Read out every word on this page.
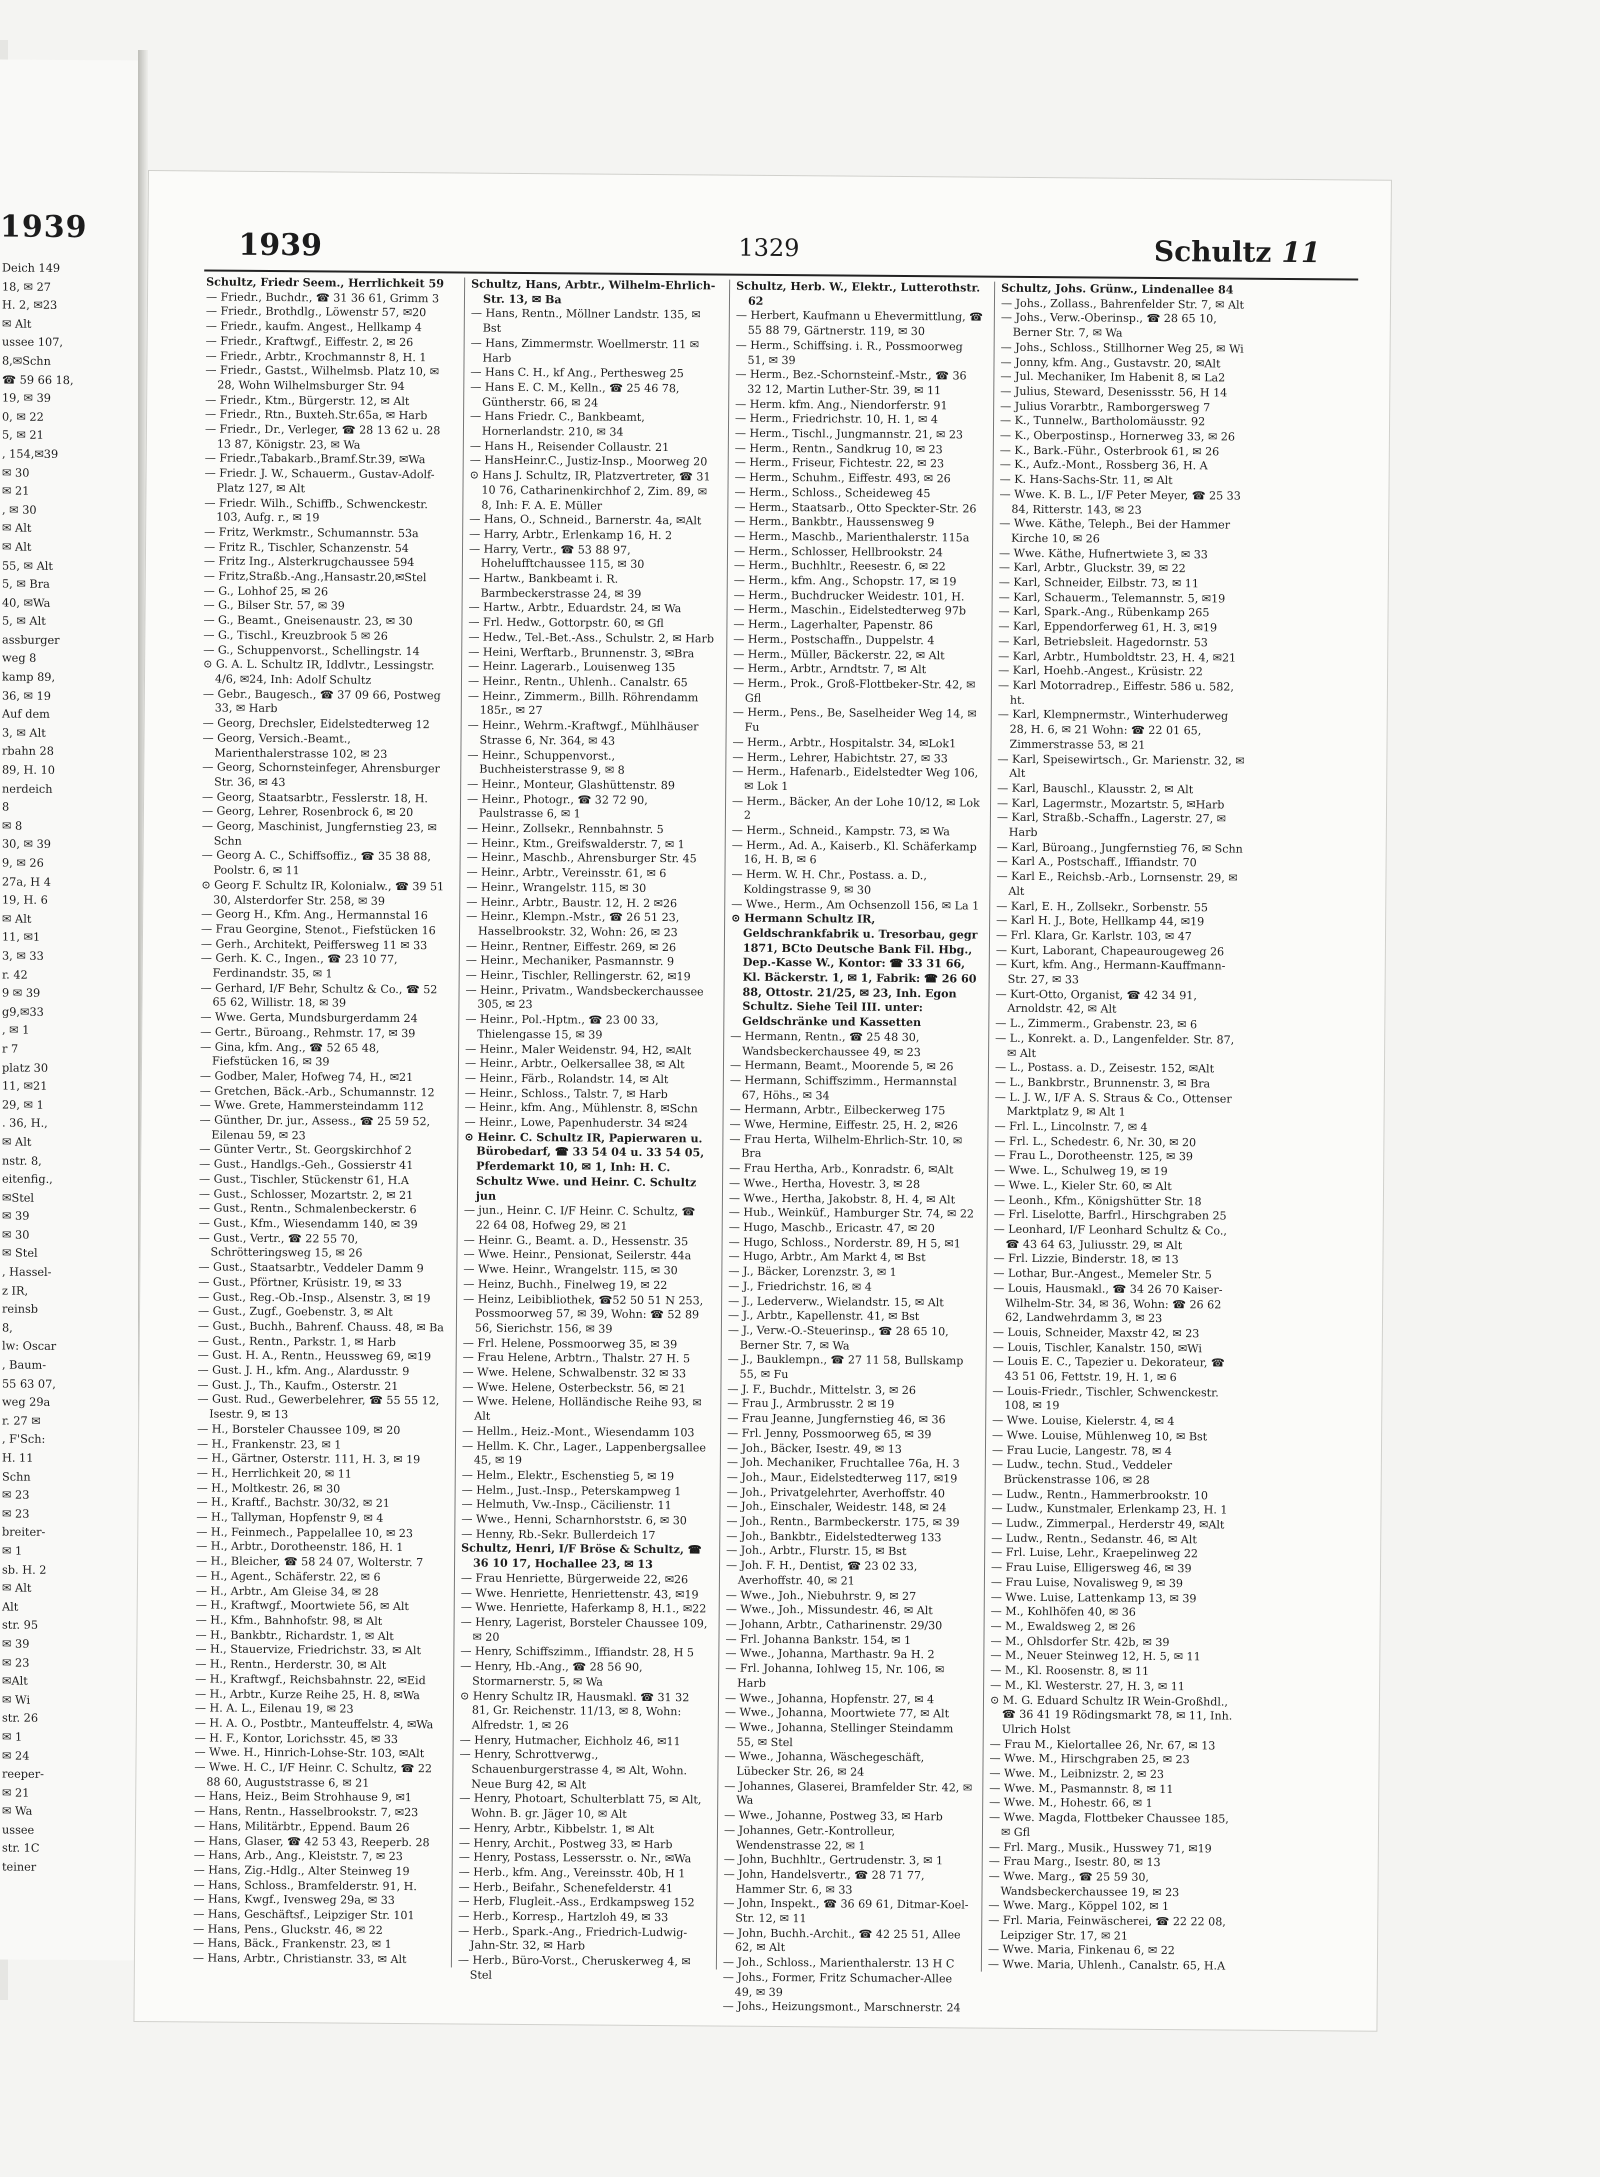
1939
Deich 149
18, ✉ 27
H. 2, ✉23
✉ Alt
ussee 107,
8,✉Schn
☎ 59 66 18,
19, ✉ 39
0, ✉ 22
5, ✉ 21
, 154,✉39
✉ 30
✉ 21
, ✉ 30
✉ Alt
✉ Alt
55, ✉ Alt
5, ✉ Bra
40, ✉Wa
5, ✉ Alt
assburger
weg 8
kamp 89,
36, ✉ 19
Auf dem
3, ✉ Alt
rbahn 28
89, H. 10
nerdeich
8
✉ 8
30, ✉ 39
9, ✉ 26
27a, H 4
19, H. 6
✉ Alt
11, ✉1
3, ✉ 33
r. 42
9 ✉ 39
g9,✉33
, ✉ 1
r 7
platz 30
11, ✉21
29, ✉ 1
. 36, H.,
✉ Alt
nstr. 8,
eitenfig.,
✉Stel
✉ 39
✉ 30
✉ Stel
, Hassel-
z IR,
reinsb
8,
lw: Oscar
, Baum-
55 63 07,
weg 29a
r. 27 ✉
, F'Sch:
H. 11
Schn
✉ 23
✉ 23
breiter-
✉ 1
sb. H. 2
✉ Alt
Alt
str. 95
✉ 39
✉ 23
✉Alt
✉ Wi
str. 26
✉ 1
✉ 24
reeper-
✉ 21
✉ Wa
ussee
str. 1C
teiner
1939	1329	Schultz 11

Schultz, Friedr Seem., Herrlichkeit 59

— Friedr., Buchdr., ☎ 31 36 61, Grimm 3

— Friedr., Brothdlg., Löwenstr 57, ✉20

— Friedr., kaufm. Angest., Hellkamp 4

— Friedr., Kraftwgf., Eiffestr. 2, ✉ 26

— Friedr., Arbtr., Krochmannstr 8, H. 1

— Friedr., Gastst., Wilhelmsb. Platz 10, ✉ 28, Wohn Wilhelmsburger Str. 94

— Friedr., Ktm., Bürgerstr. 12, ✉ Alt

— Friedr., Rtn., Buxteh.Str.65a, ✉ Harb

— Friedr., Dr., Verleger, ☎ 28 13 62 u. 28 13 87, Königstr. 23, ✉ Wa

— Friedr.,Tabakarb.,Bramf.Str.39, ✉Wa

— Friedr. J. W., Schauerm., Gustav-Adolf-Platz 127, ✉ Alt

— Friedr. Wilh., Schiffb., Schwenckestr. 103, Aufg. r., ✉ 19

— Fritz, Werkmstr., Schumannstr. 53a

— Fritz R., Tischler, Schanzenstr. 54

— Fritz Ing., Alsterkrugchaussee 594

— Fritz,Straßb.-Ang.,Hansastr.20,✉Stel

— G., Lohhof 25, ✉ 26

— G., Bilser Str. 57, ✉ 39

— G., Beamt., Gneisenaustr. 23, ✉ 30

— G., Tischl., Kreuzbrook 5 ✉ 26

— G., Schuppenvorst., Schellingstr. 14

⊙ G. A. L. Schultz IR, Iddlvtr., Lessingstr. 4/6, ✉24, Inh: Adolf Schultz

— Gebr., Baugesch., ☎ 37 09 66, Postweg 33, ✉ Harb

— Georg, Drechsler, Eidelstedterweg 12

— Georg, Versich.-Beamt., Marienthalerstrasse 102, ✉ 23

— Georg, Schornsteinfeger, Ahrensburger Str. 36, ✉ 43

— Georg, Staatsarbtr., Fesslerstr. 18, H.

— Georg, Lehrer, Rosenbrock 6, ✉ 20

— Georg, Maschinist, Jungfernstieg 23, ✉ Schn

— Georg A. C., Schiffsoffiz., ☎ 35 38 88, Poolstr. 6, ✉ 11

⊙ Georg F. Schultz IR, Kolonialw., ☎ 39 51 30, Alsterdorfer Str. 258, ✉ 39

— Georg H., Kfm. Ang., Hermannstal 16

— Frau Georgine, Stenot., Fiefstücken 16

— Gerh., Architekt, Peiffersweg 11 ✉ 33

— Gerh. K. C., Ingen., ☎ 23 10 77, Ferdinandstr. 35, ✉ 1

— Gerhard, I/F Behr, Schultz & Co., ☎ 52 65 62, Willistr. 18, ✉ 39

— Wwe. Gerta, Mundsburgerdamm 24

— Gertr., Büroang., Rehmstr. 17, ✉ 39

— Gina, kfm. Ang., ☎ 52 65 48, Fiefstücken 16, ✉ 39

— Godber, Maler, Hofweg 74, H., ✉21

— Gretchen, Bäck.-Arb., Schumannstr. 12

— Wwe. Grete, Hammersteindamm 112

— Günther, Dr. jur., Assess., ☎ 25 59 52, Eilenau 59, ✉ 23

— Günter Vertr., St. Georgskirchhof 2

— Gust., Handlgs.-Geh., Gossierstr 41

— Gust., Tischler, Stückenstr 61, H.A

— Gust., Schlosser, Mozartstr. 2, ✉ 21

— Gust., Rentn., Schmalenbeckerstr. 6

— Gust., Kfm., Wiesendamm 140, ✉ 39

— Gust., Vertr., ☎ 22 55 70, Schrötteringsweg 15, ✉ 26

— Gust., Staatsarbtr., Veddeler Damm 9

— Gust., Pförtner, Krüsistr. 19, ✉ 33

— Gust., Reg.-Ob.-Insp., Alsenstr. 3, ✉ 19

— Gust., Zugf., Goebenstr. 3, ✉ Alt

— Gust., Buchh., Bahrenf. Chauss. 48, ✉ Ba

— Gust., Rentn., Parkstr. 1, ✉ Harb

— Gust. H. A., Rentn., Heussweg 69, ✉19

— Gust. J. H., kfm. Ang., Alardusstr. 9

— Gust. J., Th., Kaufm., Osterstr. 21

— Gust. Rud., Gewerbelehrer, ☎ 55 55 12, Isestr. 9, ✉ 13

— H., Borsteler Chaussee 109, ✉ 20

— H., Frankenstr. 23, ✉ 1

— H., Gärtner, Osterstr. 111, H. 3, ✉ 19

— H., Herrlichkeit 20, ✉ 11

— H., Moltkestr. 26, ✉ 30

— H., Kraftf., Bachstr. 30/32, ✉ 21

— H., Tallyman, Hopfenstr 9, ✉ 4

— H., Feinmech., Pappelallee 10, ✉ 23

— H., Arbtr., Dorotheenstr. 186, H. 1

— H., Bleicher, ☎ 58 24 07, Wolterstr. 7

— H., Agent., Schäferstr. 22, ✉ 6

— H., Arbtr., Am Gleise 34, ✉ 28

— H., Kraftwgf., Moortwiete 56, ✉ Alt

— H., Kfm., Bahnhofstr. 98, ✉ Alt

— H., Bankbtr., Richardstr. 1, ✉ Alt

— H., Stauervize, Friedrichstr. 33, ✉ Alt

— H., Rentn., Herderstr. 30, ✉ Alt

— H., Kraftwgf., Reichsbahnstr. 22, ✉Eid

— H., Arbtr., Kurze Reihe 25, H. 8, ✉Wa

— H. A. L., Eilenau 19, ✉ 23

— H. A. O., Postbtr., Manteuffelstr. 4, ✉Wa

— H. F., Kontor, Lorichsstr. 45, ✉ 33

— Wwe. H., Hinrich-Lohse-Str. 103, ✉Alt

— Wwe. H. C., I/F Heinr. C. Schultz, ☎ 22 88 60, Auguststrasse 6, ✉ 21

— Hans, Heiz., Beim Strohhause 9, ✉1

— Hans, Rentn., Hasselbrookstr. 7, ✉23

— Hans, Militärbtr., Eppend. Baum 26

— Hans, Glaser, ☎ 42 53 43, Reeperb. 28

— Hans, Arb., Ang., Kleiststr. 7, ✉ 23

— Hans, Zig.-Hdlg., Alter Steinweg 19

— Hans, Schloss., Bramfelderstr. 91, H.

— Hans, Kwgf., Ivensweg 29a, ✉ 33

— Hans, Geschäftsf., Leipziger Str. 101

— Hans, Pens., Gluckstr. 46, ✉ 22

— Hans, Bäck., Frankenstr. 23, ✉ 1

— Hans, Arbtr., Christianstr. 33, ✉ Alt

Schultz, Hans, Arbtr., Wilhelm-Ehrlich-Str. 13, ✉ Ba

— Hans, Rentn., Möllner Landstr. 135, ✉ Bst

— Hans, Zimmermstr. Woellmerstr. 11 ✉ Harb

— Hans C. H., kf Ang., Perthesweg 25

— Hans E. C. M., Kelln., ☎ 25 46 78, Güntherstr. 66, ✉ 24

— Hans Friedr. C., Bankbeamt, Hornerlandstr. 210, ✉ 34

— Hans H., Reisender Collaustr. 21

— HansHeinr.C., Justiz-Insp., Moorweg 20

⊙ Hans J. Schultz, IR, Platzvertreter, ☎ 31 10 76, Catharinenkirchhof 2, Zim. 89, ✉ 8, Inh: F. A. E. Müller

— Hans, O., Schneid., Barnerstr. 4a, ✉Alt

— Harry, Arbtr., Erlenkamp 16, H. 2

— Harry, Vertr., ☎ 53 88 97, Hohelufftchaussee 115, ✉ 30

— Hartw., Bankbeamt i. R. Barmbeckerstrasse 24, ✉ 39

— Hartw., Arbtr., Eduardstr. 24, ✉ Wa

— Frl. Hedw., Gottorpstr. 60, ✉ Gfl

— Hedw., Tel.-Bet.-Ass., Schulstr. 2, ✉ Harb

— Heini, Werftarb., Brunnenstr. 3, ✉Bra

— Heinr. Lagerarb., Louisenweg 135

— Heinr., Rentn., Uhlenh.. Canalstr. 65

— Heinr., Zimmerm., Billh. Röhrendamm 185r., ✉ 27

— Heinr., Wehrm.-Kraftwgf., Mühlhäuser Strasse 6, Nr. 364, ✉ 43

— Heinr., Schuppenvorst., Buchheisterstrasse 9, ✉ 8

— Heinr., Monteur, Glashüttenstr. 89

— Heinr., Photogr., ☎ 32 72 90, Paulstrasse 6, ✉ 1

— Heinr., Zollsekr., Rennbahnstr. 5

— Heinr., Ktm., Greifswalderstr. 7, ✉ 1

— Heinr., Maschb., Ahrensburger Str. 45

— Heinr., Arbtr., Vereinsstr. 61, ✉ 6

— Heinr., Wrangelstr. 115, ✉ 30

— Heinr., Arbtr., Baustr. 12, H. 2 ✉26

— Heinr., Klempn.-Mstr., ☎ 26 51 23, Hasselbrookstr. 32, Wohn: 26, ✉ 23

— Heinr., Rentner, Eiffestr. 269, ✉ 26

— Heinr., Mechaniker, Pasmannstr. 9

— Heinr., Tischler, Rellingerstr. 62, ✉19

— Heinr., Privatm., Wandsbeckerchaussee 305, ✉ 23

— Heinr., Pol.-Hptm., ☎ 23 00 33, Thielengasse 15, ✉ 39

— Heinr., Maler Weidenstr. 94, H2, ✉Alt

— Heinr., Arbtr., Oelkersallee 38, ✉ Alt

— Heinr., Färb., Rolandstr. 14, ✉ Alt

— Heinr., Schloss., Talstr. 7, ✉ Harb

— Heinr., kfm. Ang., Mühlenstr. 8, ✉Schn

— Heinr., Lowe, Papenhuderstr. 34 ✉24

⊙ Heinr. C. Schultz IR, Papierwaren u. Bürobedarf, ☎ 33 54 04 u. 33 54 05, Pferdemarkt 10, ✉ 1, Inh: H. C. Schultz Wwe. und Heinr. C. Schultz jun

— jun., Heinr. C. I/F Heinr. C. Schultz, ☎ 22 64 08, Hofweg 29, ✉ 21

— Heinr. G., Beamt. a. D., Hessenstr. 35

— Wwe. Heinr., Pensionat, Seilerstr. 44a

— Wwe. Heinr., Wrangelstr. 115, ✉ 30

— Heinz, Buchh., Finelweg 19, ✉ 22

— Heinz, Leibibliothek, ☎52 50 51 N 253, Possmoorweg 57, ✉ 39, Wohn: ☎ 52 89 56, Sierichstr. 156, ✉ 39

— Frl. Helene, Possmoorweg 35, ✉ 39

— Frau Helene, Arbtrn., Thalstr. 27 H. 5

— Wwe. Helene, Schwalbenstr. 32 ✉ 33

— Wwe. Helene, Osterbeckstr. 56, ✉ 21

— Wwe. Helene, Holländische Reihe 93, ✉ Alt

— Hellm., Heiz.-Mont., Wiesendamm 103

— Hellm. K. Chr., Lager., Lappenbergsallee 45, ✉ 19

— Helm., Elektr., Eschenstieg 5, ✉ 19

— Helm., Just.-Insp., Peterskampweg 1

— Helmuth, Vw.-Insp., Cäcilienstr. 11

— Wwe., Henni, Scharnhorststr. 6, ✉ 30

— Henny, Rb.-Sekr. Bullerdeich 17

Schultz, Henri, I/F Bröse & Schultz, ☎ 36 10 17, Hochallee 23, ✉ 13

— Frau Henriette, Bürgerweide 22, ✉26

— Wwe. Henriette, Henriettenstr. 43, ✉19

— Wwe. Henriette, Haferkamp 8, H.1., ✉22

— Henry, Lagerist, Borsteler Chaussee 109, ✉ 20

— Henry, Schiffszimm., Iffiandstr. 28, H 5

— Henry, Hb.-Ang., ☎ 28 56 90, Stormarnerstr. 5, ✉ Wa

⊙ Henry Schultz IR, Hausmakl. ☎ 31 32 81, Gr. Reichenstr. 11/13, ✉ 8, Wohn: Alfredstr. 1, ✉ 26

— Henry, Hutmacher, Eichholz 46, ✉11

— Henry, Schrottverwg., Schauenburgerstrasse 4, ✉ Alt, Wohn. Neue Burg 42, ✉ Alt

— Henry, Photoart, Schulterblatt 75, ✉ Alt, Wohn. B. gr. Jäger 10, ✉ Alt

— Henry, Arbtr., Kibbelstr. 1, ✉ Alt

— Henry, Archit., Postweg 33, ✉ Harb

— Henry, Postass, Lessersstr. o. Nr., ✉Wa

— Herb., kfm. Ang., Vereinsstr. 40b, H 1

— Herb., Beifahr., Schenefelderstr. 41

— Herb, Flugleit.-Ass., Erdkampsweg 152

— Herb., Korresp., Hartzloh 49, ✉ 33

— Herb., Spark.-Ang., Friedrich-Ludwig-Jahn-Str. 32, ✉ Harb

— Herb., Büro-Vorst., Cheruskerweg 4, ✉ Stel

Schultz, Herb. W., Elektr., Lutterothstr. 62

— Herbert, Kaufmann u Ehevermittlung, ☎ 55 88 79, Gärtnerstr. 119, ✉ 30

— Herm., Schiffsing. i. R., Possmoorweg 51, ✉ 39

— Herm., Bez.-Schornsteinf.-Mstr., ☎ 36 32 12, Martin Luther-Str. 39, ✉ 11

— Herm. kfm. Ang., Niendorferstr. 91

— Herm., Friedrichstr. 10, H. 1, ✉ 4

— Herm., Tischl., Jungmannstr. 21, ✉ 23

— Herm., Rentn., Sandkrug 10, ✉ 23

— Herm., Friseur, Fichtestr. 22, ✉ 23

— Herm., Schuhm., Eiffestr. 493, ✉ 26

— Herm., Schloss., Scheideweg 45

— Herm., Staatsarb., Otto Speckter-Str. 26

— Herm., Bankbtr., Haussensweg 9

— Herm., Maschb., Marienthalerstr. 115a

— Herm., Schlosser, Hellbrookstr. 24

— Herm., Buchhltr., Reesestr. 6, ✉ 22

— Herm., kfm. Ang., Schopstr. 17, ✉ 19

— Herm., Buchdrucker Weidestr. 101, H.

— Herm., Maschin., Eidelstedterweg 97b

— Herm., Lagerhalter, Papenstr. 86

— Herm., Postschaffn., Duppelstr. 4

— Herm., Müller, Bäckerstr. 22, ✉ Alt

— Herm., Arbtr., Arndtstr. 7, ✉ Alt

— Herm., Prok., Groß-Flottbeker-Str. 42, ✉ Gfl

— Herm., Pens., Be, Saselheider Weg 14, ✉ Fu

— Herm., Arbtr., Hospitalstr. 34, ✉Lok1

— Herm., Lehrer, Habichtstr. 27, ✉ 33

— Herm., Hafenarb., Eidelstedter Weg 106, ✉ Lok 1

— Herm., Bäcker, An der Lohe 10/12, ✉ Lok 2

— Herm., Schneid., Kampstr. 73, ✉ Wa

— Herm., Ad. A., Kaiserb., Kl. Schäferkamp 16, H. B, ✉ 6

— Herm. W. H. Chr., Postass. a. D., Koldingstrasse 9, ✉ 30

— Wwe., Herm., Am Ochsenzoll 156, ✉ La 1

⊙ Hermann Schultz IR, Geldschrankfabrik u. Tresorbau, gegr 1871, BCto Deutsche Bank Fil. Hbg., Dep.-Kasse W., Kontor: ☎ 33 31 66, Kl. Bäckerstr. 1, ✉ 1, Fabrik: ☎ 26 60 88, Ottostr. 21/25, ✉ 23, Inh. Egon Schultz. Siehe Teil III. unter: Geldschränke und Kassetten

— Hermann, Rentn., ☎ 25 48 30, Wandsbeckerchaussee 49, ✉ 23

— Hermann, Beamt., Moorende 5, ✉ 26

— Hermann, Schiffszimm., Hermannstal 67, Höhs., ✉ 34

— Hermann, Arbtr., Eilbeckerweg 175

— Wwe, Hermine, Eiffestr. 25, H. 2, ✉26

— Frau Herta, Wilhelm-Ehrlich-Str. 10, ✉ Bra

— Frau Hertha, Arb., Konradstr. 6, ✉Alt

— Wwe., Hertha, Hovestr. 3, ✉ 28

— Wwe., Hertha, Jakobstr. 8, H. 4, ✉ Alt

— Hub., Weinküf., Hamburger Str. 74, ✉ 22

— Hugo, Maschb., Ericastr. 47, ✉ 20

— Hugo, Schloss., Norderstr. 89, H 5, ✉1

— Hugo, Arbtr., Am Markt 4, ✉ Bst

— J., Bäcker, Lorenzstr. 3, ✉ 1

— J., Friedrichstr. 16, ✉ 4

— J., Lederverw., Wielandstr. 15, ✉ Alt

— J., Arbtr., Kapellenstr. 41, ✉ Bst

— J., Verw.-O.-Steuerinsp., ☎ 28 65 10, Berner Str. 7, ✉ Wa

— J., Bauklempn., ☎ 27 11 58, Bullskamp 55, ✉ Fu

— J. F., Buchdr., Mittelstr. 3, ✉ 26

— Frau J., Armbrusstr. 2 ✉ 19

— Frau Jeanne, Jungfernstieg 46, ✉ 36

— Frl. Jenny, Possmoorweg 65, ✉ 39

— Joh., Bäcker, Isestr. 49, ✉ 13

— Joh. Mechaniker, Fruchtallee 76a, H. 3

— Joh., Maur., Eidelstedterweg 117, ✉19

— Joh., Privatgelehrter, Averhoffstr. 40

— Joh., Einschaler, Weidestr. 148, ✉ 24

— Joh., Rentn., Barmbeckerstr. 175, ✉ 39

— Joh., Bankbtr., Eidelstedterweg 133

— Joh., Arbtr., Flurstr. 15, ✉ Bst

— Joh. F. H., Dentist, ☎ 23 02 33, Averhoffstr. 40, ✉ 21

— Wwe., Joh., Niebuhrstr. 9, ✉ 27

— Wwe., Joh., Missundestr. 46, ✉ Alt

— Johann, Arbtr., Catharinenstr. 29/30

— Frl. Johanna Bankstr. 154, ✉ 1

— Wwe., Johanna, Marthastr. 9a H. 2

— Frl. Johanna, Iohlweg 15, Nr. 106, ✉ Harb

— Wwe., Johanna, Hopfenstr. 27, ✉ 4

— Wwe., Johanna, Moortwiete 77, ✉ Alt

— Wwe., Johanna, Stellinger Steindamm 55, ✉ Stel

— Wwe., Johanna, Wäschegeschäft, Lübecker Str. 26, ✉ 24

— Johannes, Glaserei, Bramfelder Str. 42, ✉ Wa

— Wwe., Johanne, Postweg 33, ✉ Harb

— Johannes, Getr.-Kontrolleur, Wendenstrasse 22, ✉ 1

— John, Buchhltr., Gertrudenstr. 3, ✉ 1

— John, Handelsvertr., ☎ 28 71 77, Hammer Str. 6, ✉ 33

— John, Inspekt., ☎ 36 69 61, Ditmar-Koel-Str. 12, ✉ 11

— John, Buchh.-Archit., ☎ 42 25 51, Allee 62, ✉ Alt

— Joh., Schloss., Marienthalerstr. 13 H C

— Johs., Former, Fritz Schumacher-Allee 49, ✉ 39

— Johs., Heizungsmont., Marschnerstr. 24

Schultz, Johs. Grünw., Lindenallee 84

— Johs., Zollass., Bahrenfelder Str. 7, ✉ Alt

— Johs., Verw.-Oberinsp., ☎ 28 65 10, Berner Str. 7, ✉ Wa

— Johs., Schloss., Stillhorner Weg 25, ✉ Wi

— Jonny, kfm. Ang., Gustavstr. 20, ✉Alt

— Jul. Mechaniker, Im Habenit 8, ✉ La2

— Julius, Steward, Desenissstr. 56, H 14

— Julius Vorarbtr., Ramborgersweg 7

— K., Tunnelw., Bartholomäusstr. 92

— K., Oberpostinsp., Hornerweg 33, ✉ 26

— K., Bark.-Führ., Osterbrook 61, ✉ 26

— K., Aufz.-Mont., Rossberg 36, H. A

— K. Hans-Sachs-Str. 11, ✉ Alt

— Wwe. K. B. L., I/F Peter Meyer, ☎ 25 33 84, Ritterstr. 143, ✉ 23

— Wwe. Käthe, Teleph., Bei der Hammer Kirche 10, ✉ 26

— Wwe. Käthe, Hufnertwiete 3, ✉ 33

— Karl, Arbtr., Gluckstr. 39, ✉ 22

— Karl, Schneider, Eilbstr. 73, ✉ 11

— Karl, Schauerm., Telemannstr. 5, ✉19

— Karl, Spark.-Ang., Rübenkamp 265

— Karl, Eppendorferweg 61, H. 3, ✉19

— Karl, Betriebsleit. Hagedornstr. 53

— Karl, Arbtr., Humboldtstr. 23, H. 4, ✉21

— Karl, Hoehb.-Angest., Krüsistr. 22

— Karl Motorradrep., Eiffestr. 586 u. 582, ht.

— Karl, Klempnermstr., Winterhuderweg 28, H. 6, ✉ 21 Wohn: ☎ 22 01 65, Zimmerstrasse 53, ✉ 21

— Karl, Speisewirtsch., Gr. Marienstr. 32, ✉ Alt

— Karl, Bauschl., Klausstr. 2, ✉ Alt

— Karl, Lagermstr., Mozartstr. 5, ✉Harb

— Karl, Straßb.-Schaffn., Lagerstr. 27, ✉ Harb

— Karl, Büroang., Jungfernstieg 76, ✉ Schn

— Karl A., Postschaff., Iffiandstr. 70

— Karl E., Reichsb.-Arb., Lornsenstr. 29, ✉ Alt

— Karl, E. H., Zollsekr., Sorbenstr. 55

— Karl H. J., Bote, Hellkamp 44, ✉19

— Frl. Klara, Gr. Karlstr. 103, ✉ 47

— Kurt, Laborant, Chapeaurougeweg 26

— Kurt, kfm. Ang., Hermann-Kauffmann-Str. 27, ✉ 33

— Kurt-Otto, Organist, ☎ 42 34 91, Arnoldstr. 42, ✉ Alt

— L., Zimmerm., Grabenstr. 23, ✉ 6

— L., Konrekt. a. D., Langenfelder. Str. 87, ✉ Alt

— L., Postass. a. D., Zeisestr. 152, ✉Alt

— L., Bankbrstr., Brunnenstr. 3, ✉ Bra

— L. J. W., I/F A. S. Straus & Co., Ottenser Marktplatz 9, ✉ Alt 1

— Frl. L., Lincolnstr. 7, ✉ 4

— Frl. L., Schedestr. 6, Nr. 30, ✉ 20

— Frau L., Dorotheenstr. 125, ✉ 39

— Wwe. L., Schulweg 19, ✉ 19

— Wwe. L., Kieler Str. 60, ✉ Alt

— Leonh., Kfm., Königshütter Str. 18

— Frl. Liselotte, Barfrl., Hirschgraben 25

— Leonhard, I/F Leonhard Schultz & Co., ☎ 43 64 63, Juliusstr. 29, ✉ Alt

— Frl. Lizzie, Binderstr. 18, ✉ 13

— Lothar, Bur.-Angest., Memeler Str. 5

— Louis, Hausmakl., ☎ 34 26 70 Kaiser-Wilhelm-Str. 34, ✉ 36, Wohn: ☎ 26 62 62, Landwehrdamm 3, ✉ 23

— Louis, Schneider, Maxstr 42, ✉ 23

— Louis, Tischler, Kanalstr. 150, ✉Wi

— Louis E. C., Tapezier u. Dekorateur, ☎ 43 51 06, Fettstr. 19, H. 1, ✉ 6

— Louis-Friedr., Tischler, Schwenckestr. 108, ✉ 19

— Wwe. Louise, Kielerstr. 4, ✉ 4

— Wwe. Louise, Mühlenweg 10, ✉ Bst

— Frau Lucie, Langestr. 78, ✉ 4

— Ludw., techn. Stud., Veddeler Brückenstrasse 106, ✉ 28

— Ludw., Rentn., Hammerbrookstr. 10

— Ludw., Kunstmaler, Erlenkamp 23, H. 1

— Ludw., Zimmerpal., Herderstr 49, ✉Alt

— Ludw., Rentn., Sedanstr. 46, ✉ Alt

— Frl. Luise, Lehr., Kraepelinweg 22

— Frau Luise, Elligersweg 46, ✉ 39

— Frau Luise, Novalisweg 9, ✉ 39

— Wwe. Luise, Lattenkamp 13, ✉ 39

— M., Kohlhöfen 40, ✉ 36

— M., Ewaldsweg 2, ✉ 26

— M., Ohlsdorfer Str. 42b, ✉ 39

— M., Neuer Steinweg 12, H. 5, ✉ 11

— M., Kl. Roosenstr. 8, ✉ 11

— M., Kl. Westerstr. 27, H. 3, ✉ 11

⊙ M. G. Eduard Schultz IR Wein-Großhdl., ☎ 36 41 19 Rödingsmarkt 78, ✉ 11, Inh. Ulrich Holst

— Frau M., Kielortallee 26, Nr. 67, ✉ 13

— Wwe. M., Hirschgraben 25, ✉ 23

— Wwe. M., Leibnizstr. 2, ✉ 23

— Wwe. M., Pasmannstr. 8, ✉ 11

— Wwe. M., Hohestr. 66, ✉ 1

— Wwe. Magda, Flottbeker Chaussee 185, ✉ Gfl

— Frl. Marg., Musik., Husswey 71, ✉19

— Frau Marg., Isestr. 80, ✉ 13

— Wwe. Marg., ☎ 25 59 30, Wandsbeckerchaussee 19, ✉ 23

— Wwe. Marg., Köppel 102, ✉ 1

— Frl. Maria, Feinwäscherei, ☎ 22 22 08, Leipziger Str. 17, ✉ 21

— Wwe. Maria, Finkenau 6, ✉ 22

— Wwe. Maria, Uhlenh., Canalstr. 65, H.A
